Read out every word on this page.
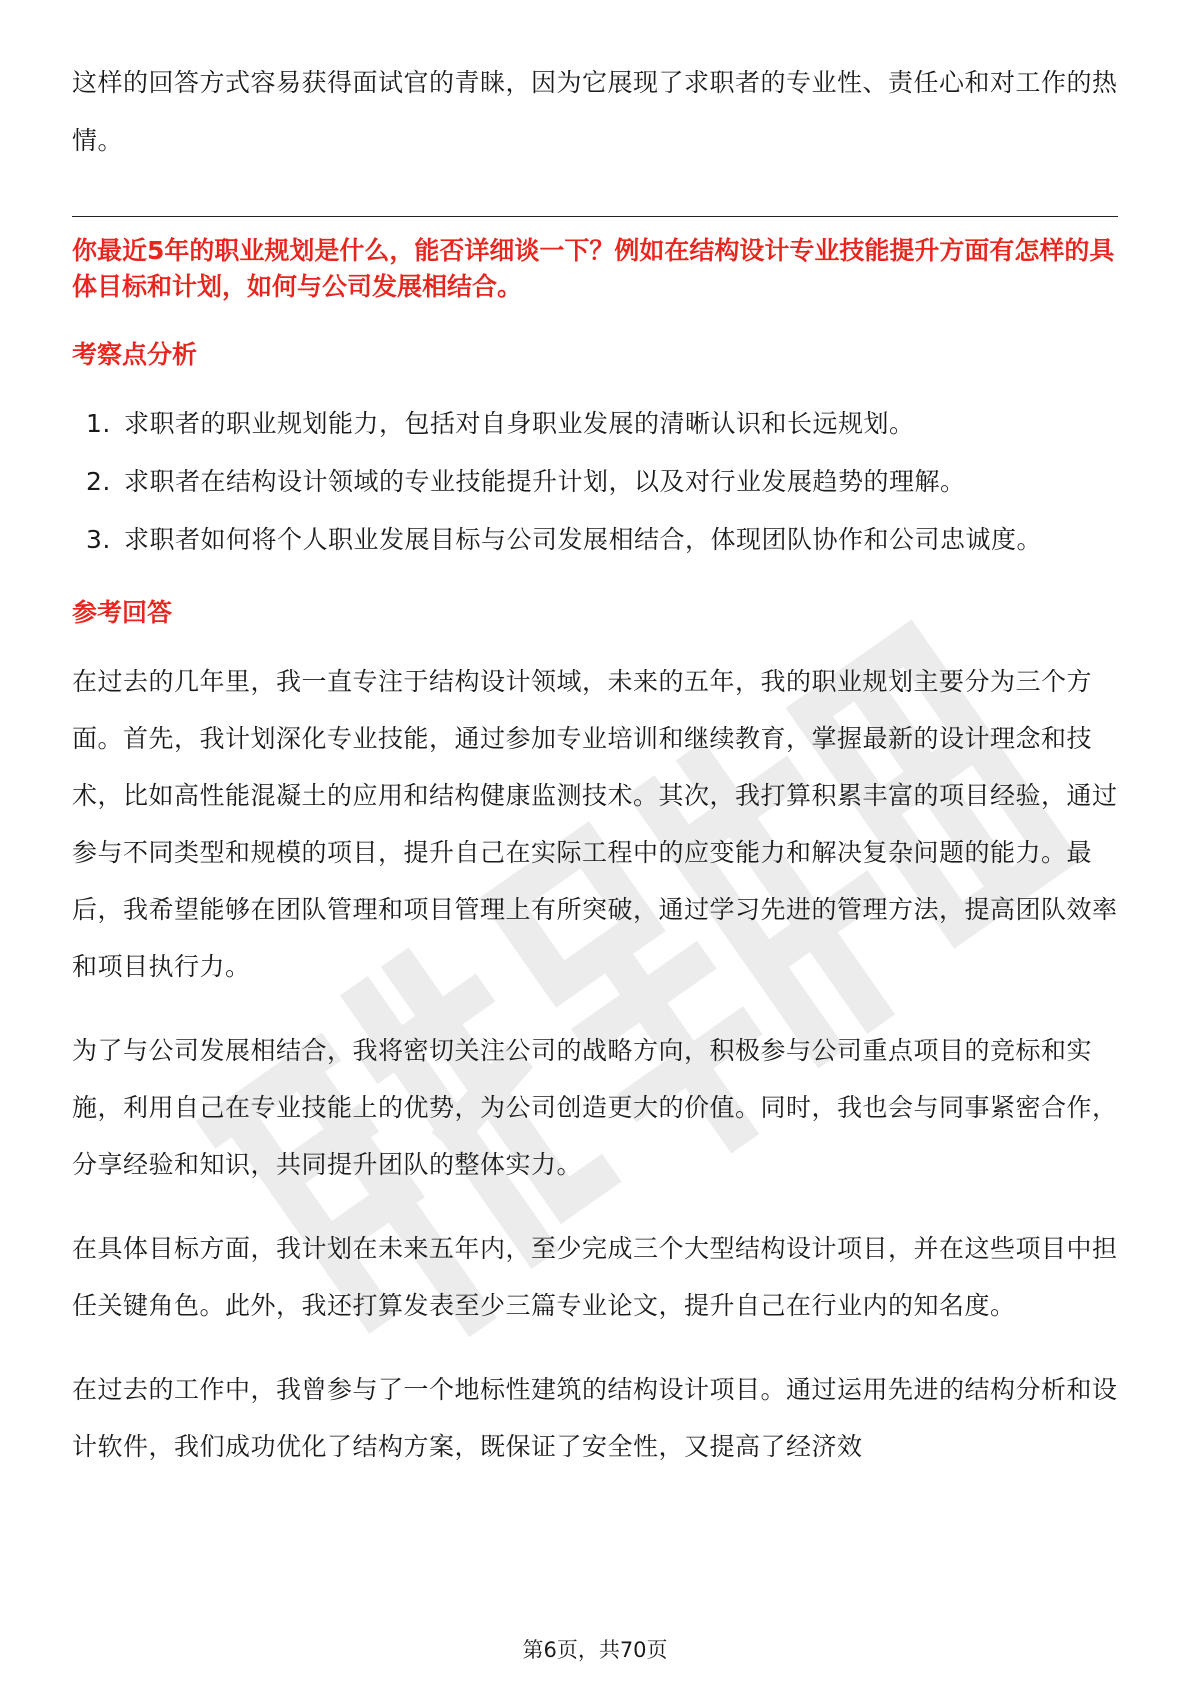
这样的回答方式容易获得面试官的青睐，因为它展现了求职者的专业性、责任心和对工作的热情。

你最近5年的职业规划是什么，能否详细谈一下？例如在结构设计专业技能提升方面有怎样的具体目标和计划，如何与公司发展相结合。

考察点分析

1. 求职者的职业规划能力，包括对自身职业发展的清晰认识和长远规划。
2. 求职者在结构设计领域的专业技能提升计划，以及对行业发展趋势的理解。
3. 求职者如何将个人职业发展目标与公司发展相结合，体现团队协作和公司忠诚度。

参考回答

在过去的几年里，我一直专注于结构设计领域，未来的五年，我的职业规划主要分为三个方面。首先，我计划深化专业技能，通过参加专业培训和继续教育，掌握最新的设计理念和技术，比如高性能混凝土的应用和结构健康监测技术。其次，我打算积累丰富的项目经验，通过参与不同类型和规模的项目，提升自己在实际工程中的应变能力和解决复杂问题的能力。最后，我希望能够在团队管理和项目管理上有所突破，通过学习先进的管理方法，提高团队效率和项目执行力。

为了与公司发展相结合，我将密切关注公司的战略方向，积极参与公司重点项目的竞标和实施，利用自己在专业技能上的优势，为公司创造更大的价值。同时，我也会与同事紧密合作，分享经验和知识，共同提升团队的整体实力。

在具体目标方面，我计划在未来五年内，至少完成三个大型结构设计项目，并在这些项目中担任关键角色。此外，我还打算发表至少三篇专业论文，提升自己在行业内的知名度。

在过去的工作中，我曾参与了一个地标性建筑的结构设计项目。通过运用先进的结构分析和设计软件，我们成功优化了结构方案，既保证了安全性，又提高了经济效

第6页，共70页
